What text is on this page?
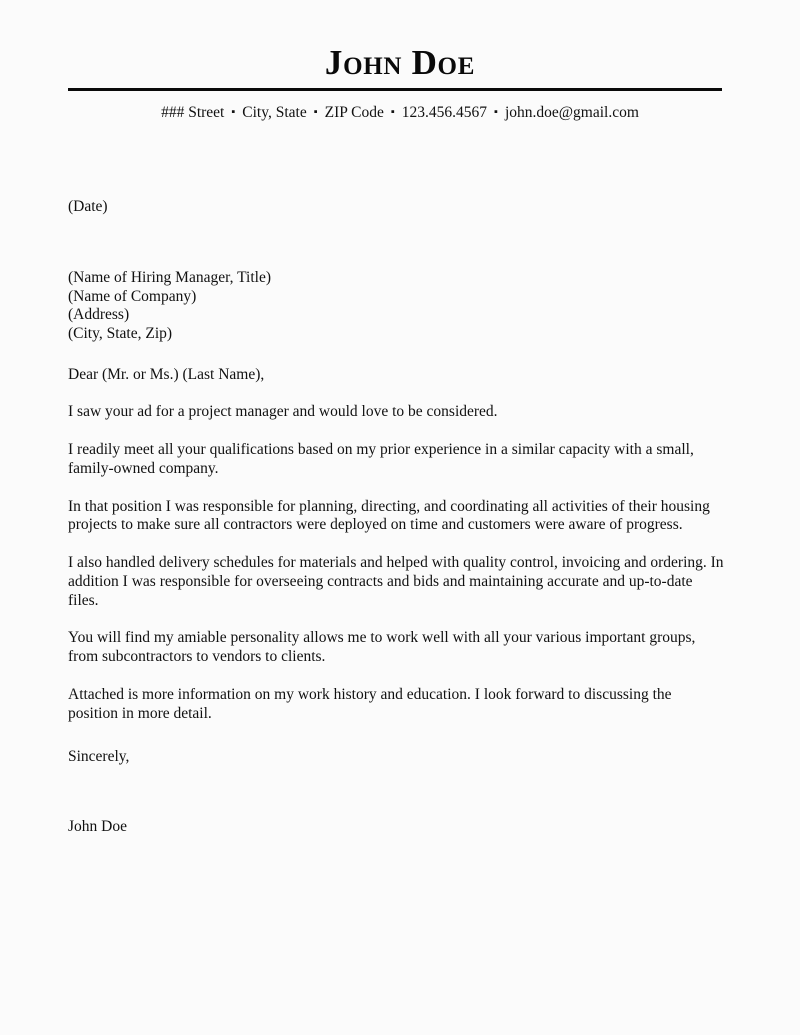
John Doe

### Street ▪ City, State ▪ ZIP Code ▪ 123.456.4567 ▪ john.doe@gmail.com

(Date)
(Name of Hiring Manager, Title)
(Name of Company)
(Address)
(City, State, Zip)
Dear (Mr. or Ms.) (Last Name),

I saw your ad for a project manager and would love to be considered.

I readily meet all your qualifications based on my prior experience in a similar capacity with a small, family-owned company.

In that position I was responsible for planning, directing, and coordinating all activities of their housing projects to make sure all contractors were deployed on time and customers were aware of progress.

I also handled delivery schedules for materials and helped with quality control, invoicing and ordering. In addition I was responsible for overseeing contracts and bids and maintaining accurate and up-to-date files.

You will find my amiable personality allows me to work well with all your various important groups, from subcontractors to vendors to clients.

Attached is more information on my work history and education. I look forward to discussing the position in more detail.

Sincerely,
John Doe
